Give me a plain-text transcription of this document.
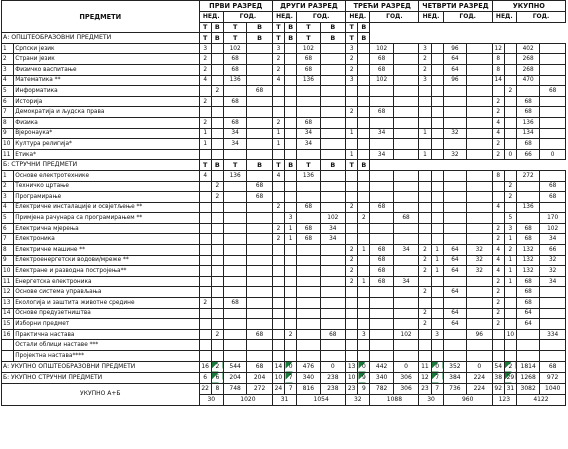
ПРЕДМЕТИ		ПРВИ РАЗРЕД				ДРУГИ РАЗРЕД				ТРЕЋИ РАЗРЕД				ЧЕТВРТИ РАЗРЕД				УКУПНО			
		НЕД.		ГОД.		НЕД.		ГОД.		НЕД.		ГОД.		НЕД.		ГОД.		НЕД.		ГОД.	
		Т	В	Т	В	Т	В	Т	В	Т	В										
А: ОПШТЕОБРАЗОВНИ ПРЕДМЕТИ		Т	В	Т	В	Т	В	Т	В	Т	В										
1	Српски језик	3		102		3		102		3		102		3		96		12		402	
2	Страни језик	2		68		2		68		2		68		2		64		8		268	
3	Физичко васпитање	2		68		2		68		2		68		2		64		8		268	
4	Математика **	4		136		4		136		3		102		3		96		14		470	
5	Информатика		2		68														2		68
6	Историја	2		68														2		68	
7	Демократија и људска права									2		68						2		68	
8	Физика	2		68		2		68										4		136	
9	Вјеронаука*	1		34		1		34		1		34		1		32		4		134	
10	Култура религија*	1		34		1		34										2		68	
11	Етика*									1		34		1		32		2	0	66	0
Б: СТРУЧНИ ПРЕДМЕТИ		Т	В	Т	В	Т	В	Т	В	Т	В										
1	Основе електротехнике	4		136		4		136										8		272	
2	Техничко цртање		2		68														2		68
3	Програмирање		2		68														2		68
4	Електричне инсталације и освјетљење **					2		68		2		68						4		136	
5	Примјена рачунара са програмирањем **						3		102		2		68						5		170
6	Електрична мјерења					2	1	68	34									2	3	68	102
7	Електроника					2	1	68	34									2	1	68	34
8	Електричне машине **									2	1	68	34	2	1	64	32	4	2	132	66
9	Електроенергетски водови/мреже **									2		68		2	1	64	32	4	1	132	32
10	Електране и разводна постројења**									2		68		2	1	64	32	4	1	132	32
11	Енергетска електроника									2	1	68	34					2	1	68	34
12	Основе система управљања													2		64		2		68	
13	Екологија и заштита животне средине	2		68														2		68	
14	Основе предузетништва													2		64		2		64	
15	Изборни предмет													2		64		2		64	
16	Практична настава		2		68		2		68		3		102		3		96		10		334
	Остали облици наставе ***																				
	Пројектна настава****																				
А: УКУПНО ОПШТЕОБРАЗОВНИ ПРЕДМЕТИ		16	2	544	68	14	0	476	0	13	0	442	0	11	0	352	0	54	2	1814	68
Б: УКУПНО СТРУЧНИ ПРЕДМЕТИ		6	6	204	204	10	7	340	238	10	9	340	306	12	7	384	224	38	29	1268	972
УКУПНО А+Б		22	8	748	272	24	7	816	238	23	9	782	306	23	7	736	224	92	31	3082	1040
		30		1020		31		1054		32		1088		30		960		123		4122	
